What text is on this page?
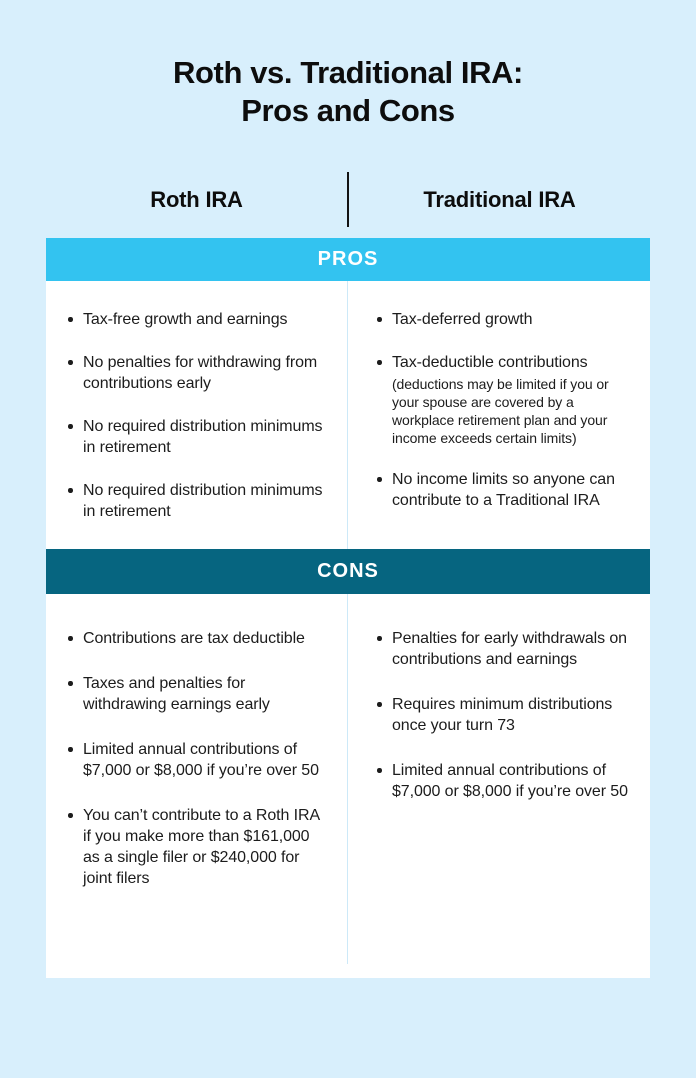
Roth vs. Traditional IRA:
Pros and Cons
Roth IRA	Traditional IRA
PROS
Tax-free growth and earnings
No penalties for withdrawing from contributions early
No required distribution minimums in retirement
No required distribution minimums in retirement
Tax-deferred growth
Tax-deductible contributions
(deductions may be limited if you or your spouse are covered by a workplace retirement plan and your income exceeds certain limits)
No income limits so anyone can contribute to a Traditional IRA
CONS
Contributions are tax deductible
Taxes and penalties for withdrawing earnings early
Limited annual contributions of $7,000 or $8,000 if you’re over 50
You can’t contribute to a Roth IRA if you make more than $161,000 as a single filer or $240,000 for joint filers
Penalties for early withdrawals on contributions and earnings
Requires minimum distributions once your turn 73
Limited annual contributions of $7,000 or $8,000 if you’re over 50
